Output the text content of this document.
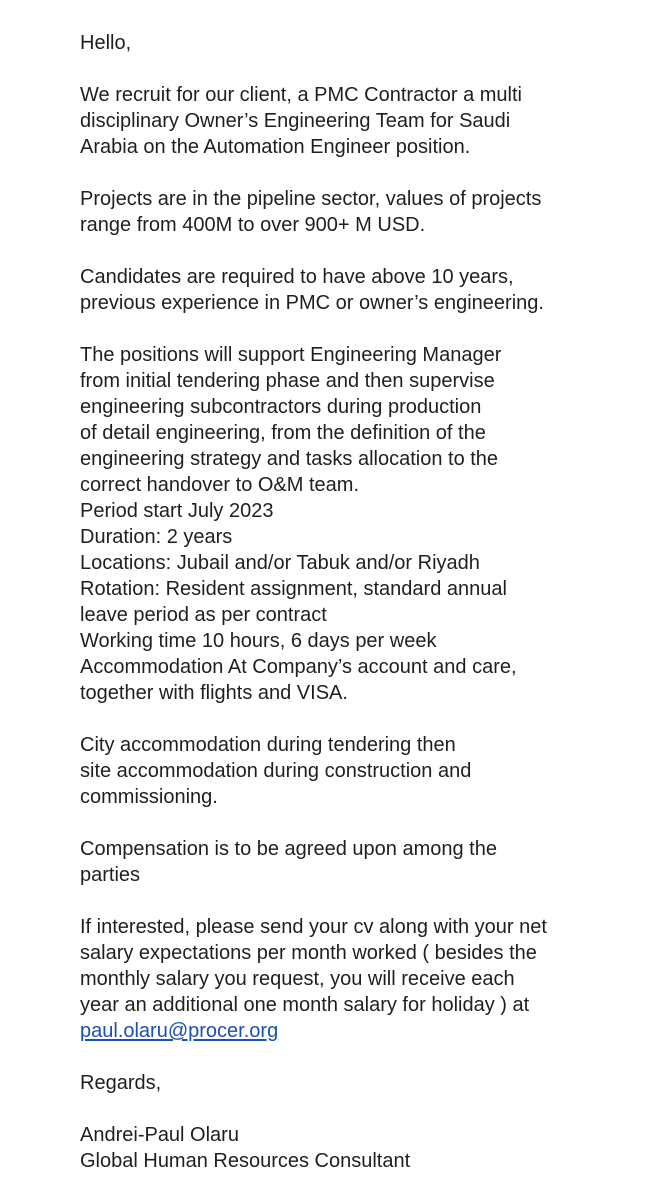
Hello,
We recruit for our client, a PMC Contractor a multi
disciplinary Owner’s Engineering Team for Saudi
Arabia on the Automation Engineer position.
Projects are in the pipeline sector, values of projects
range from 400M to over 900+ M USD.
Candidates are required to have above 10 years,
previous experience in PMC or owner’s engineering.
The positions will support Engineering Manager
from initial tendering phase and then supervise
engineering subcontractors during production
of detail engineering, from the definition of the
engineering strategy and tasks allocation to the
correct handover to O&M team.
Period start July 2023
Duration: 2 years
Locations: Jubail and/or Tabuk and/or Riyadh
Rotation: Resident assignment, standard annual
leave period as per contract
Working time 10 hours, 6 days per week
Accommodation At Company’s account and care,
together with flights and VISA.
City accommodation during tendering then
site accommodation during construction and
commissioning.
Compensation is to be agreed upon among the
parties
If interested, please send your cv along with your net
salary expectations per month worked ( besides the
monthly salary you request, you will receive each
year an additional one month salary for holiday ) at
paul.olaru@procer.org
Regards,
Andrei-Paul Olaru
Global Human Resources Consultant
